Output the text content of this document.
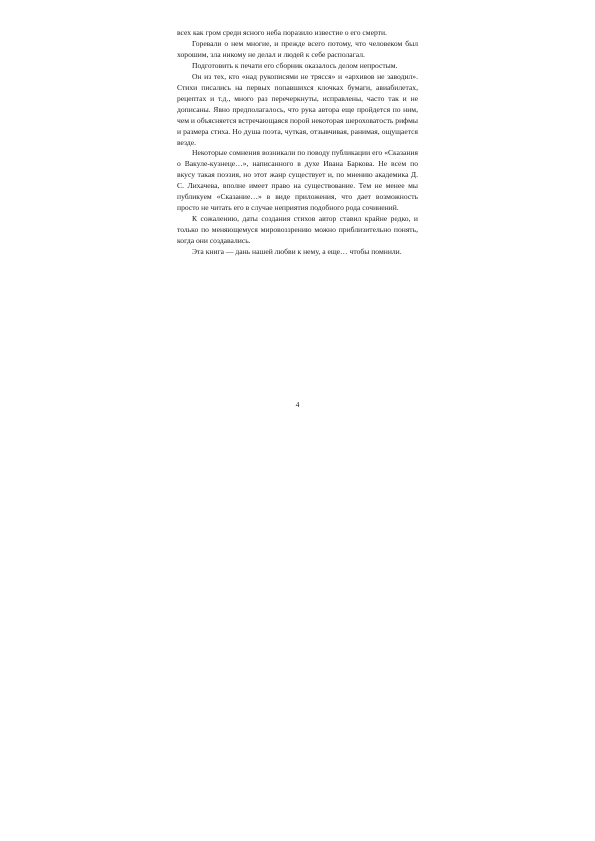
всех как гром среди ясного неба поразило известие о его смерти.

Горевали о нем многие, и прежде всего потому, что человеком был хорошим, зла никому не делал и людей к себе располагал.

Подготовить к печати его сборник оказалось делом непростым.

Он из тех, кто «над рукописями не трясся» и «архивов не заводил». Стихи писались на первых попавшихся клочках бумаги, авиабилетах, рецептах и т.д., много раз перечеркнуты, исправлены, часто так и не дописаны. Явно предполагалось, что рука автора еще пройдется по ним, чем и объясняется встречающаяся порой некоторая шероховатость рифмы и размера стиха. Но душа поэта, чуткая, отзывчивая, ранимая, ощущается везде.

Некоторые сомнения возникали по поводу публикации его «Сказания о Вакуле-кузнеце…», написанного в духе Ивана Баркова. Не всем по вкусу такая поэзия, но этот жанр существует и, по мнению академика Д. С. Лихачева, вполне имеет право на существование. Тем не менее мы публикуем «Сказание…» в виде приложения, что дает возможность просто не читать его в случае неприятия подобного рода сочинений.

К сожалению, даты создания стихов автор ставил крайне редко, и только по меняющемуся мировоззрению можно приблизительно понять, когда они создавались.

Эта книга — дань нашей любви к нему, а еще… чтобы помнили.

4
